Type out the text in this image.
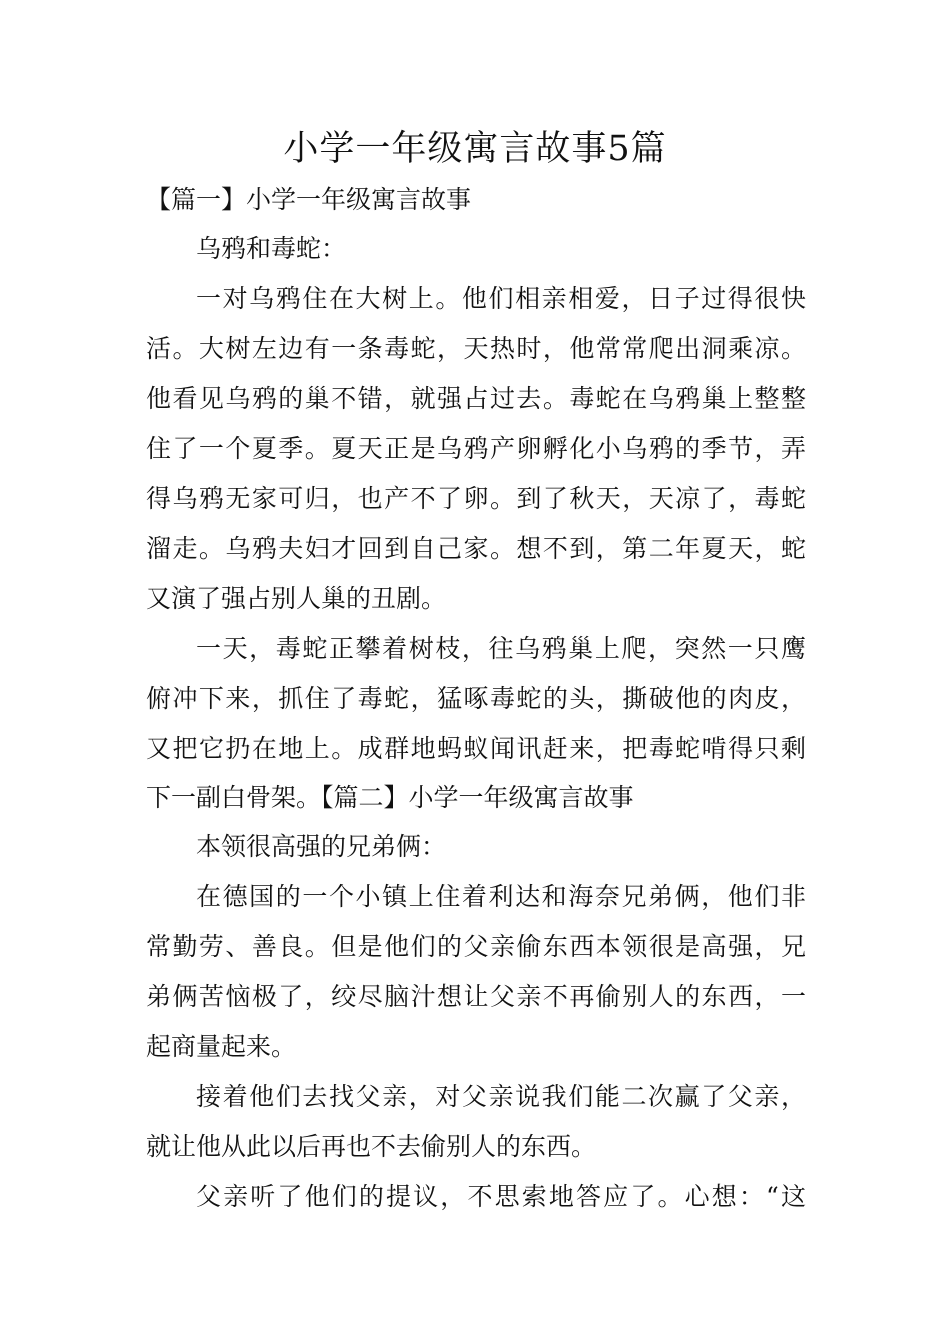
小学一年级寓言故事5篇
【篇一】小学一年级寓言故事
乌鸦和毒蛇：
一对乌鸦住在大树上。他们相亲相爱，日子过得很快
活。大树左边有一条毒蛇，天热时，他常常爬出洞乘凉。
他看见乌鸦的巢不错，就强占过去。毒蛇在乌鸦巢上整整
住了一个夏季。夏天正是乌鸦产卵孵化小乌鸦的季节，弄
得乌鸦无家可归，也产不了卵。到了秋天，天凉了，毒蛇
溜走。乌鸦夫妇才回到自己家。想不到，第二年夏天，蛇
又演了强占别人巢的丑剧。
一天，毒蛇正攀着树枝，往乌鸦巢上爬，突然一只鹰
俯冲下来，抓住了毒蛇，猛啄毒蛇的头，撕破他的肉皮，
又把它扔在地上。成群地蚂蚁闻讯赶来，把毒蛇啃得只剩
下一副白骨架。【篇二】小学一年级寓言故事
本领很高强的兄弟俩：
在德国的一个小镇上住着利达和海奈兄弟俩，他们非
常勤劳、善良。但是他们的父亲偷东西本领很是高强，兄
弟俩苦恼极了，绞尽脑汁想让父亲不再偷别人的东西，一
起商量起来。
接着他们去找父亲，对父亲说我们能二次赢了父亲，
就让他从此以后再也不去偷别人的东西。
父亲听了他们的提议，不思索地答应了。心想：“这
